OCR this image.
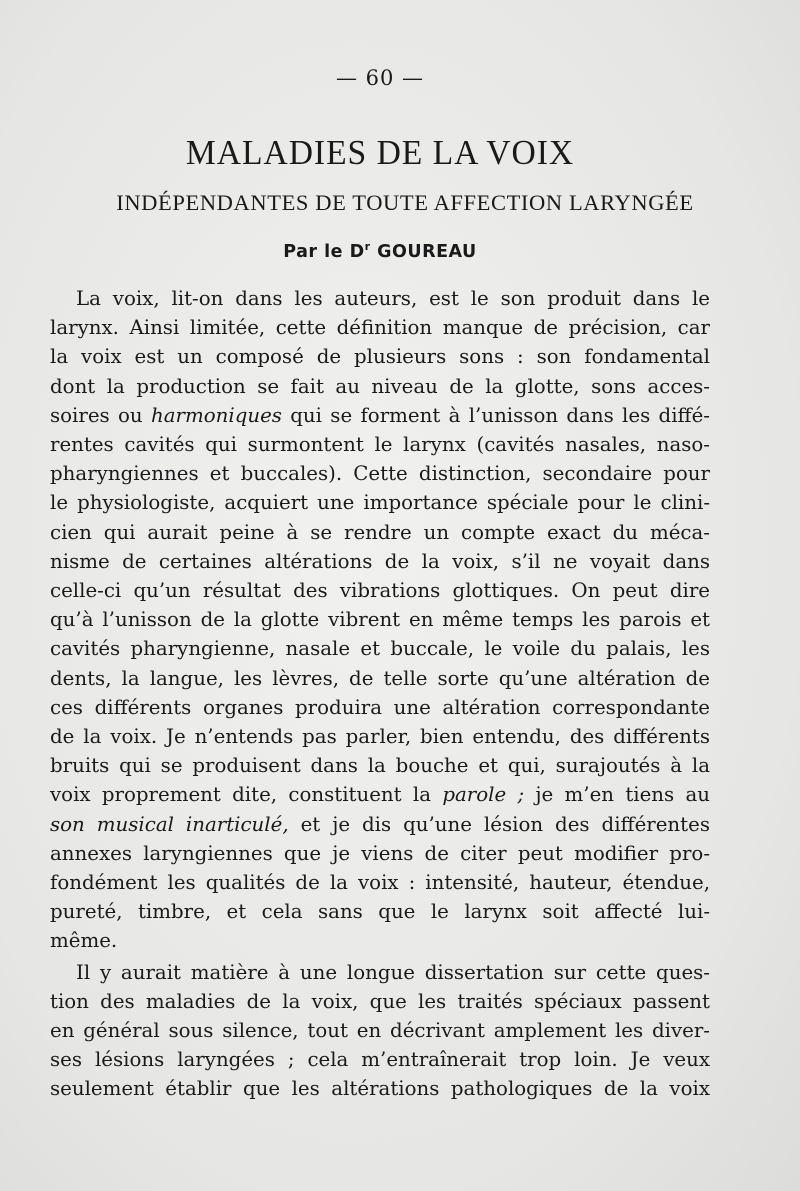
— 60 —
MALADIES DE LA VOIX
INDÉPENDANTES DE TOUTE AFFECTION LARYNGÉE
Par le $D^r$ GOUREAU

La voix, lit-on dans les auteurs, est le son produit dans le
larynx. Ainsi limitée, cette définition manque de précision, car
la voix est un composé de plusieurs sons : son fondamental
dont la production se fait au niveau de la glotte, sons acces-
soires ou harmoniques qui se forment à l’unisson dans les diffé-
rentes cavités qui surmontent le larynx (cavités nasales, naso-
pharyngiennes et buccales). Cette distinction, secondaire pour
le physiologiste, acquiert une importance spéciale pour le clini-
cien qui aurait peine à se rendre un compte exact du méca-
nisme de certaines altérations de la voix, s’il ne voyait dans
celle-ci qu’un résultat des vibrations glottiques. On peut dire
qu’à l’unisson de la glotte vibrent en même temps les parois et
cavités pharyngienne, nasale et buccale, le voile du palais, les
dents, la langue, les lèvres, de telle sorte qu’une altération de
ces différents organes produira une altération correspondante
de la voix. Je n’entends pas parler, bien entendu, des différents
bruits qui se produisent dans la bouche et qui, surajoutés à la
voix proprement dite, constituent la parole ; je m’en tiens au
son musical inarticulé, et je dis qu’une lésion des différentes
annexes laryngiennes que je viens de citer peut modifier pro-
fondément les qualités de la voix : intensité, hauteur, étendue,
pureté, timbre, et cela sans que le larynx soit affecté lui-
même.

Il y aurait matière à une longue dissertation sur cette ques-
tion des maladies de la voix, que les traités spéciaux passent
en général sous silence, tout en décrivant amplement les diver-
ses lésions laryngées ; cela m’entraînerait trop loin. Je veux
seulement établir que les altérations pathologiques de la voix
